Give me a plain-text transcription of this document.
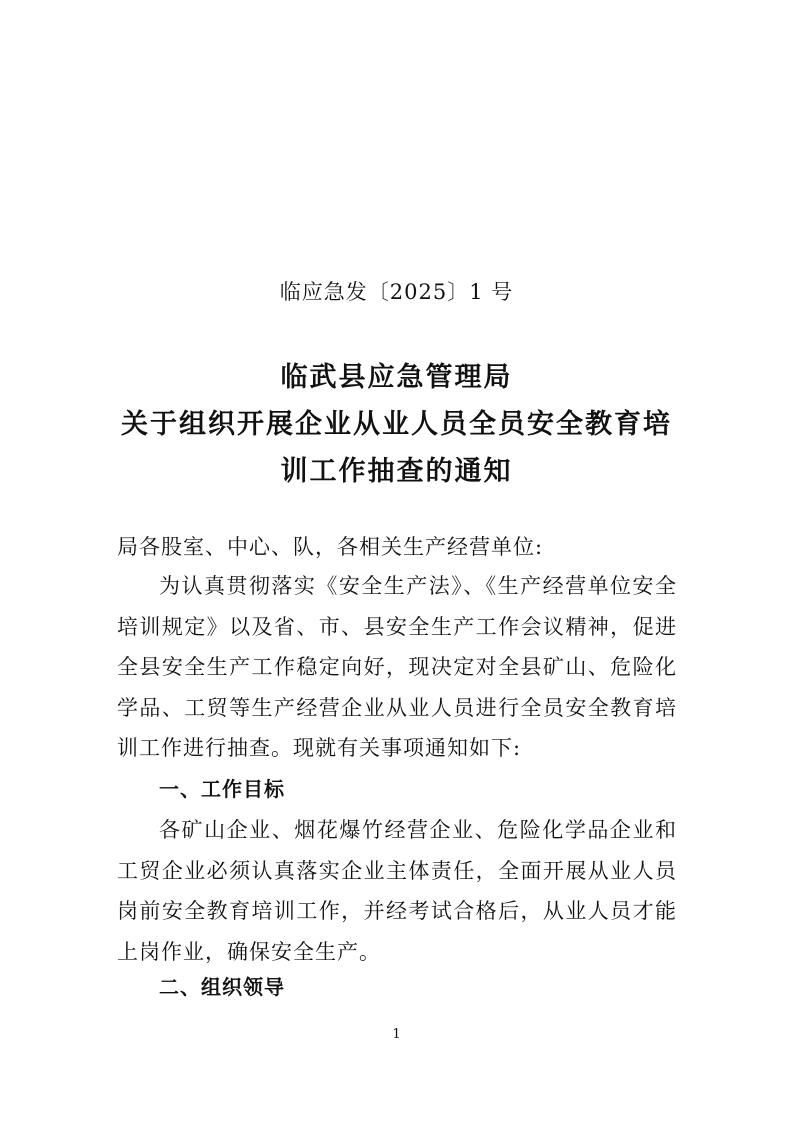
临应急发〔2025〕1 号
临武县应急管理局
关于组织开展企业从业人员全员安全教育培
训工作抽查的通知
局各股室、中心、队，各相关生产经营单位:

为认真贯彻落实《安全生产法》、《生产经营单位安全培训规定》以及省、市、县安全生产工作会议精神，促进全县安全生产工作稳定向好，现决定对全县矿山、危险化学品、工贸等生产经营企业从业人员进行全员安全教育培训工作进行抽查。现就有关事项通知如下:

一、工作目标

各矿山企业、烟花爆竹经营企业、危险化学品企业和工贸企业必须认真落实企业主体责任，全面开展从业人员岗前安全教育培训工作，并经考试合格后，从业人员才能上岗作业，确保安全生产。

二、组织领导
1
